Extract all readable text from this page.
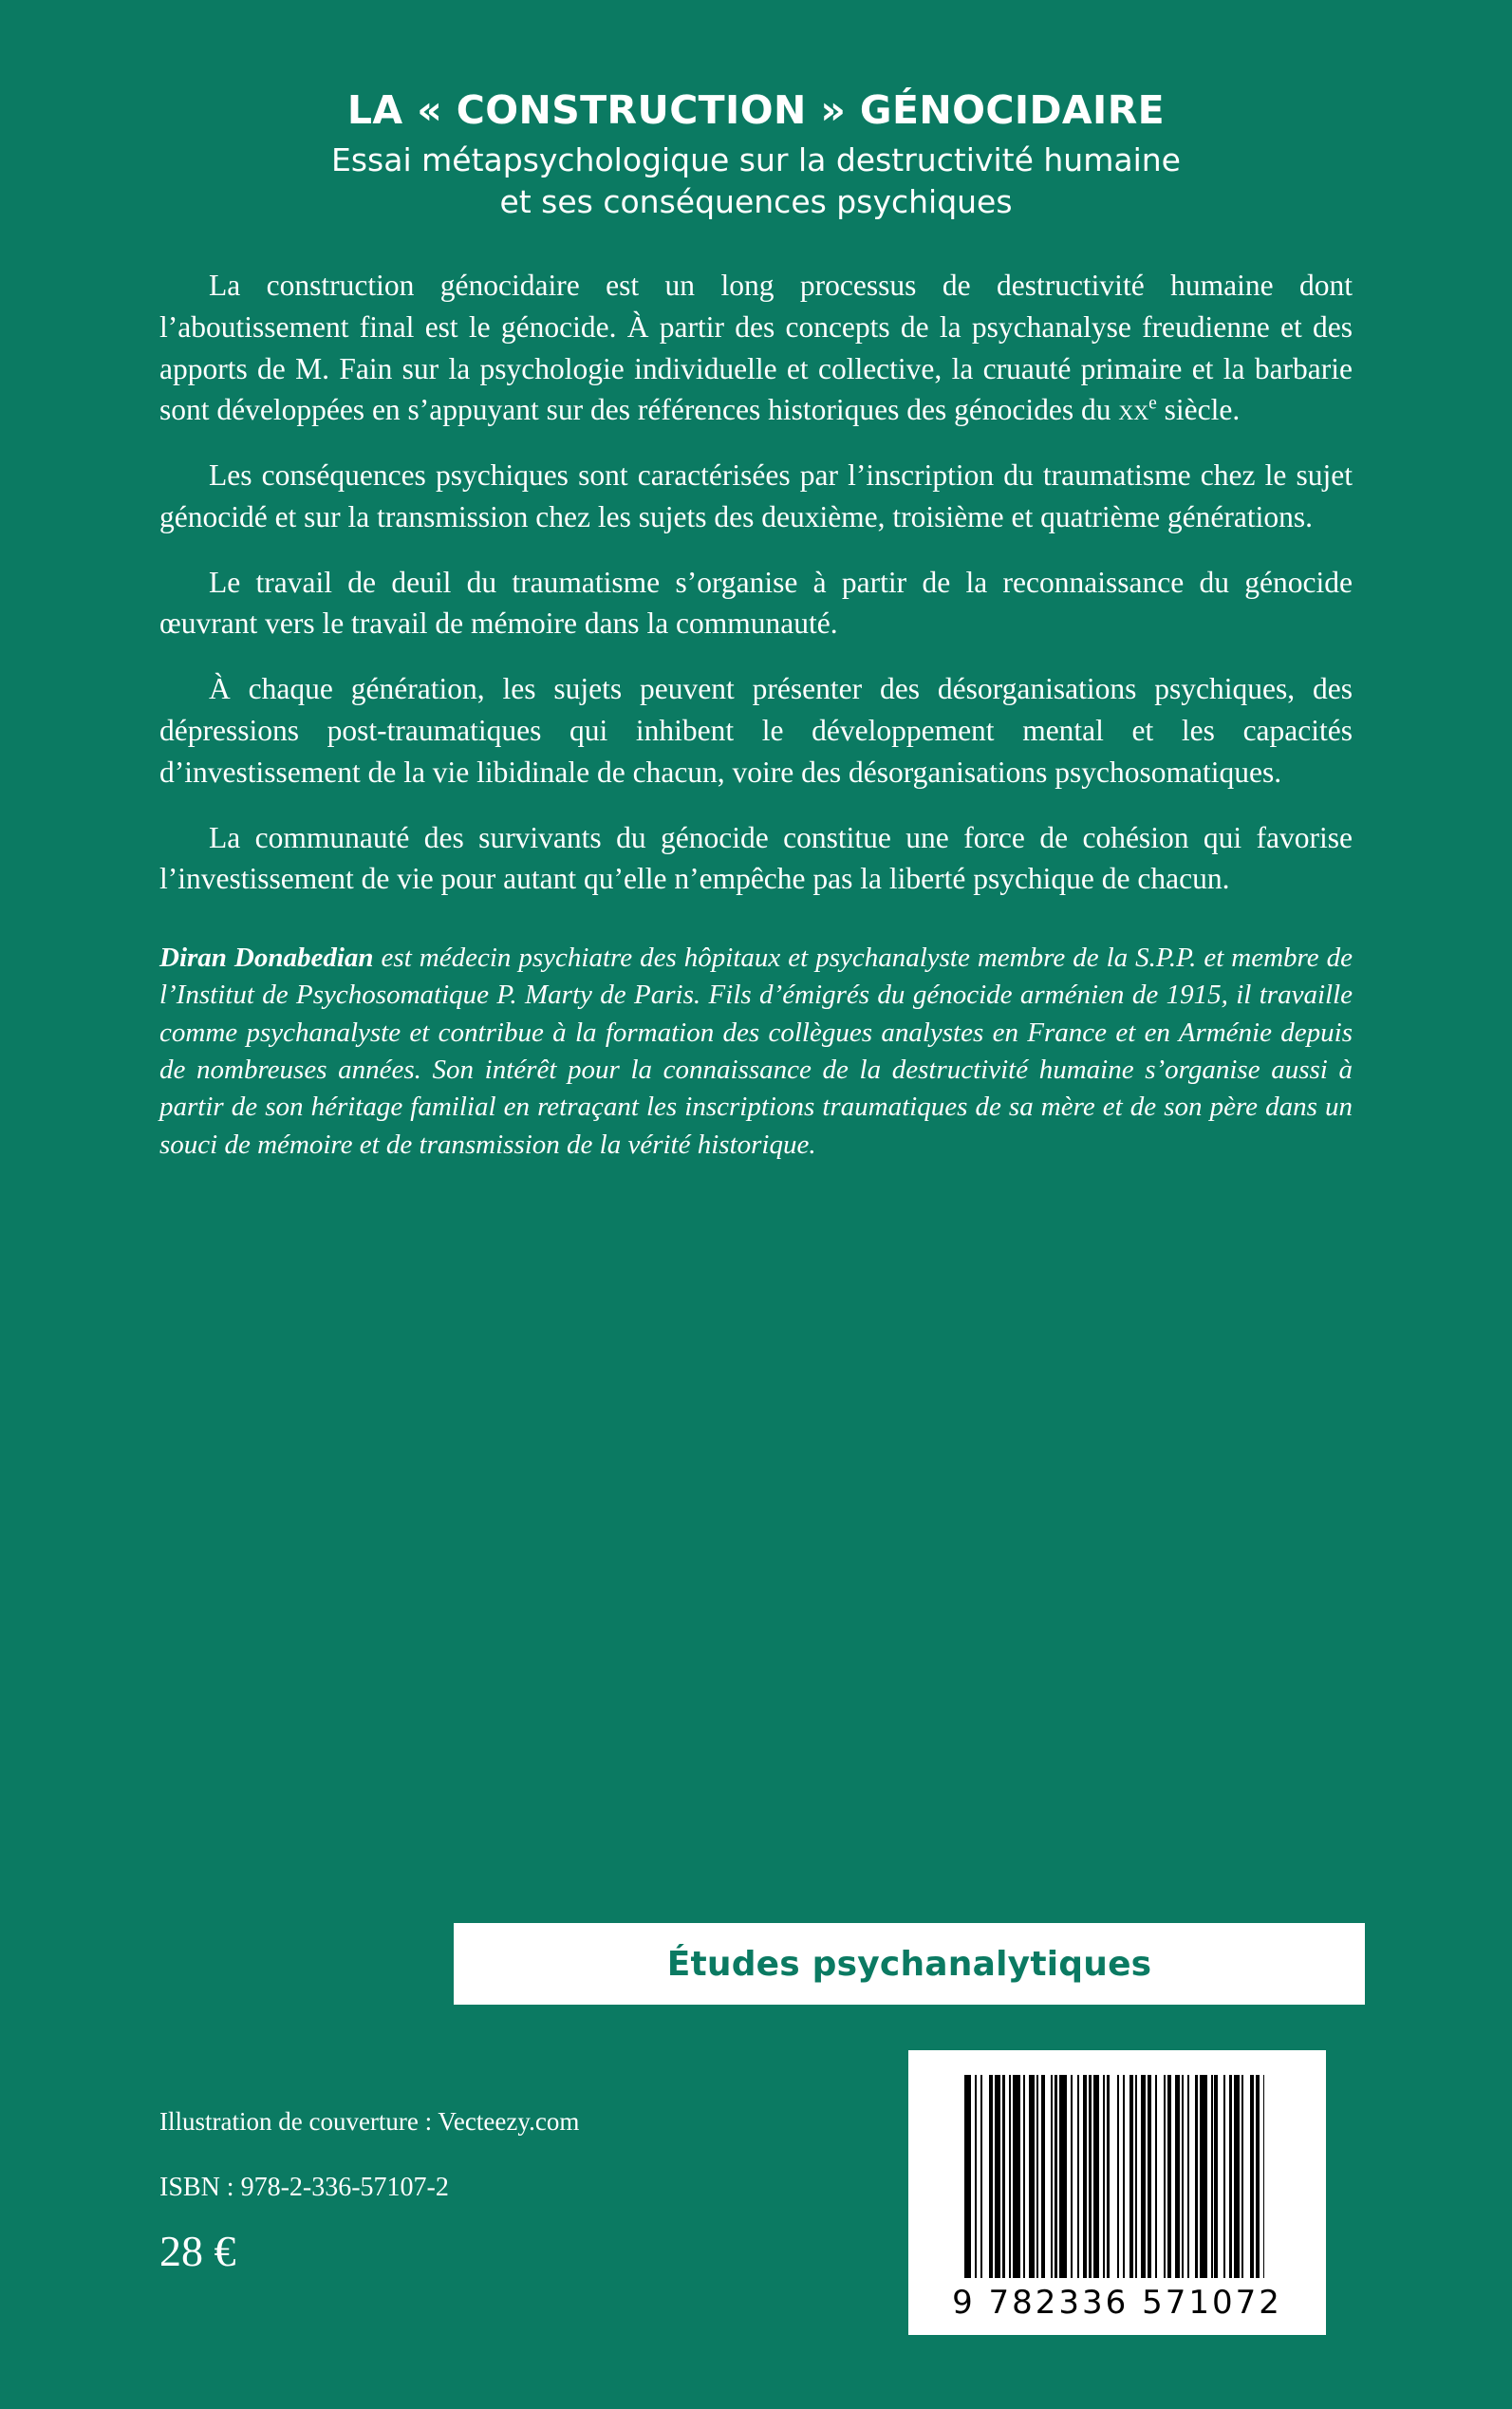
LA « CONSTRUCTION » GÉNOCIDAIRE
Essai métapsychologique sur la destructivité humaine
et ses conséquences psychiques

La construction génocidaire est un long processus de destructivité humaine dont l’aboutissement final est le génocide. À partir des concepts de la psychanalyse freudienne et des apports de M. Fain sur la psychologie individuelle et collective, la cruauté primaire et la barbarie sont développées en s’appuyant sur des références historiques des génocides du $xx^e$ siècle.

Les conséquences psychiques sont caractérisées par l’inscription du traumatisme chez le sujet génocidé et sur la transmission chez les sujets des deuxième, troisième et quatrième générations.

Le travail de deuil du traumatisme s’organise à partir de la reconnaissance du génocide œuvrant vers le travail de mémoire dans la communauté.

À chaque génération, les sujets peuvent présenter des désorganisations psychiques, des dépressions post-traumatiques qui inhibent le développement mental et les capacités d’investissement de la vie libidinale de chacun, voire des désorganisations psychosomatiques.

La communauté des survivants du génocide constitue une force de cohésion qui favorise l’investissement de vie pour autant qu’elle n’empêche pas la liberté psychique de chacun.

Diran Donabedian est médecin psychiatre des hôpitaux et psychanalyste membre de la S.P.P. et membre de l’Institut de Psychosomatique P. Marty de Paris. Fils d’émigrés du génocide arménien de 1915, il travaille comme psychanalyste et contribue à la formation des collègues analystes en France et en Arménie depuis de nombreuses années. Son intérêt pour la connaissance de la destructivité humaine s’organise aussi à partir de son héritage familial en retraçant les inscriptions traumatiques de sa mère et de son père dans un souci de mémoire et de transmission de la vérité historique.

Études psychanalytiques

Illustration de couverture : Vecteezy.com

ISBN : 978-2-336-57107-2

28 €

9 782336 571072
